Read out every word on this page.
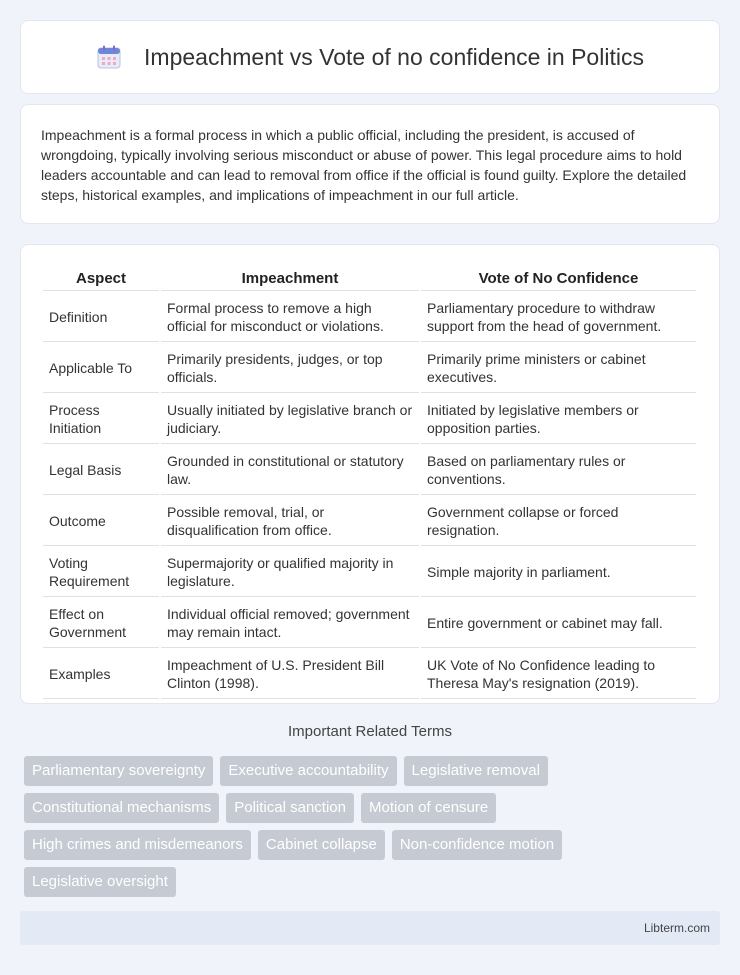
Impeachment vs Vote of no confidence in Politics

Impeachment is a formal process in which a public official, including the president, is accused of wrongdoing, typically involving serious misconduct or abuse of power. This legal procedure aims to hold leaders accountable and can lead to removal from office if the official is found guilty. Explore the detailed steps, historical examples, and implications of impeachment in our full article.

Aspect	Impeachment	Vote of No Confidence
Definition	Formal process to remove a high official for misconduct or violations.	Parliamentary procedure to withdraw support from the head of government.
Applicable To	Primarily presidents, judges, or top officials.	Primarily prime ministers or cabinet executives.
Process Initiation	Usually initiated by legislative branch or judiciary.	Initiated by legislative members or opposition parties.
Legal Basis	Grounded in constitutional or statutory law.	Based on parliamentary rules or conventions.
Outcome	Possible removal, trial, or disqualification from office.	Government collapse or forced resignation.
Voting Requirement	Supermajority or qualified majority in legislature.	Simple majority in parliament.
Effect on Government	Individual official removed; government may remain intact.	Entire government or cabinet may fall.
Examples	Impeachment of U.S. President Bill Clinton (1998).	UK Vote of No Confidence leading to Theresa May's resignation (2019).
Important Related Terms
Parliamentary sovereignty	Executive accountability	Legislative removal
Constitutional mechanisms	Political sanction	Motion of censure
High crimes and misdemeanors	Cabinet collapse	Non-confidence motion
Legislative oversight
Libterm.com
